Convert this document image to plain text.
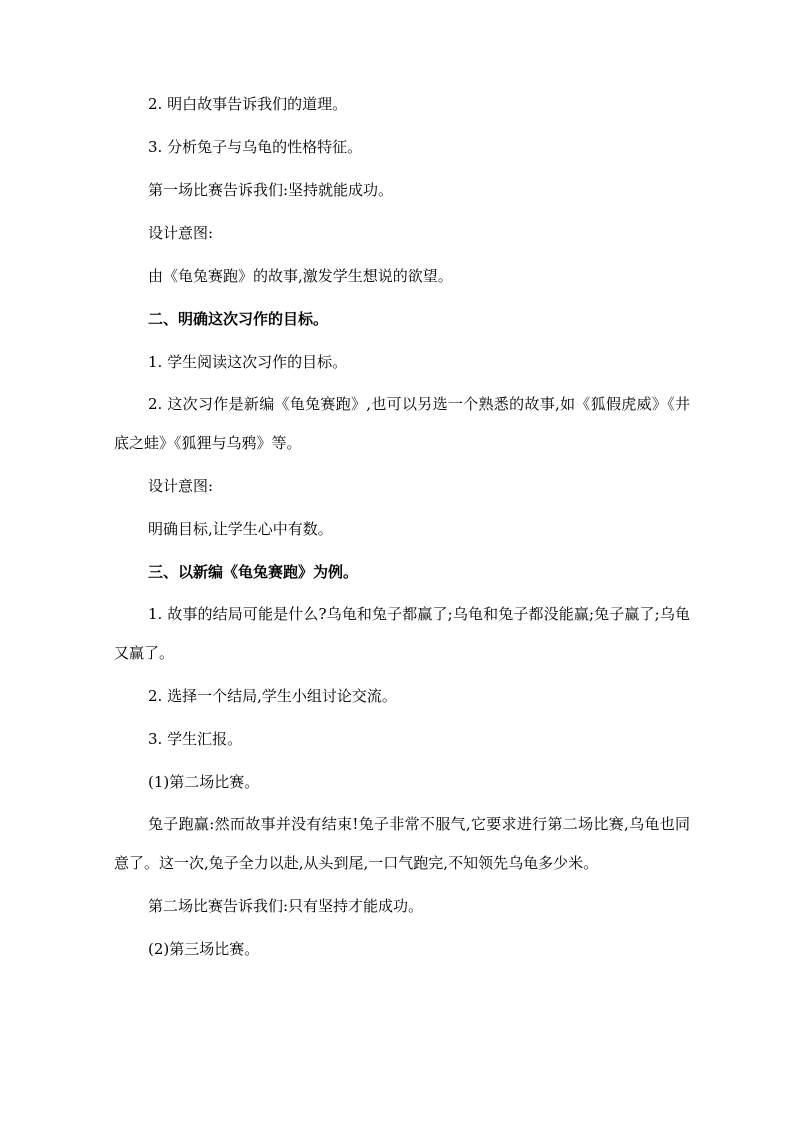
2. 明白故事告诉我们的道理。

3. 分析兔子与乌龟的性格特征。

第一场比赛告诉我们:坚持就能成功。

设计意图:

由《龟兔赛跑》的故事,激发学生想说的欲望。

二、明确这次习作的目标。

1. 学生阅读这次习作的目标。

2. 这次习作是新编《龟兔赛跑》,也可以另选一个熟悉的故事,如《狐假虎威》《井底之蛙》《狐狸与乌鸦》等。

设计意图:

明确目标,让学生心中有数。

三、以新编《龟兔赛跑》为例。

1. 故事的结局可能是什么?乌龟和兔子都赢了;乌龟和兔子都没能赢;兔子赢了;乌龟又赢了。

2. 选择一个结局,学生小组讨论交流。

3. 学生汇报。

(1)第二场比赛。

兔子跑赢:然而故事并没有结束!兔子非常不服气,它要求进行第二场比赛,乌龟也同意了。这一次,兔子全力以赴,从头到尾,一口气跑完,不知领先乌龟多少米。

第二场比赛告诉我们:只有坚持才能成功。

(2)第三场比赛。
